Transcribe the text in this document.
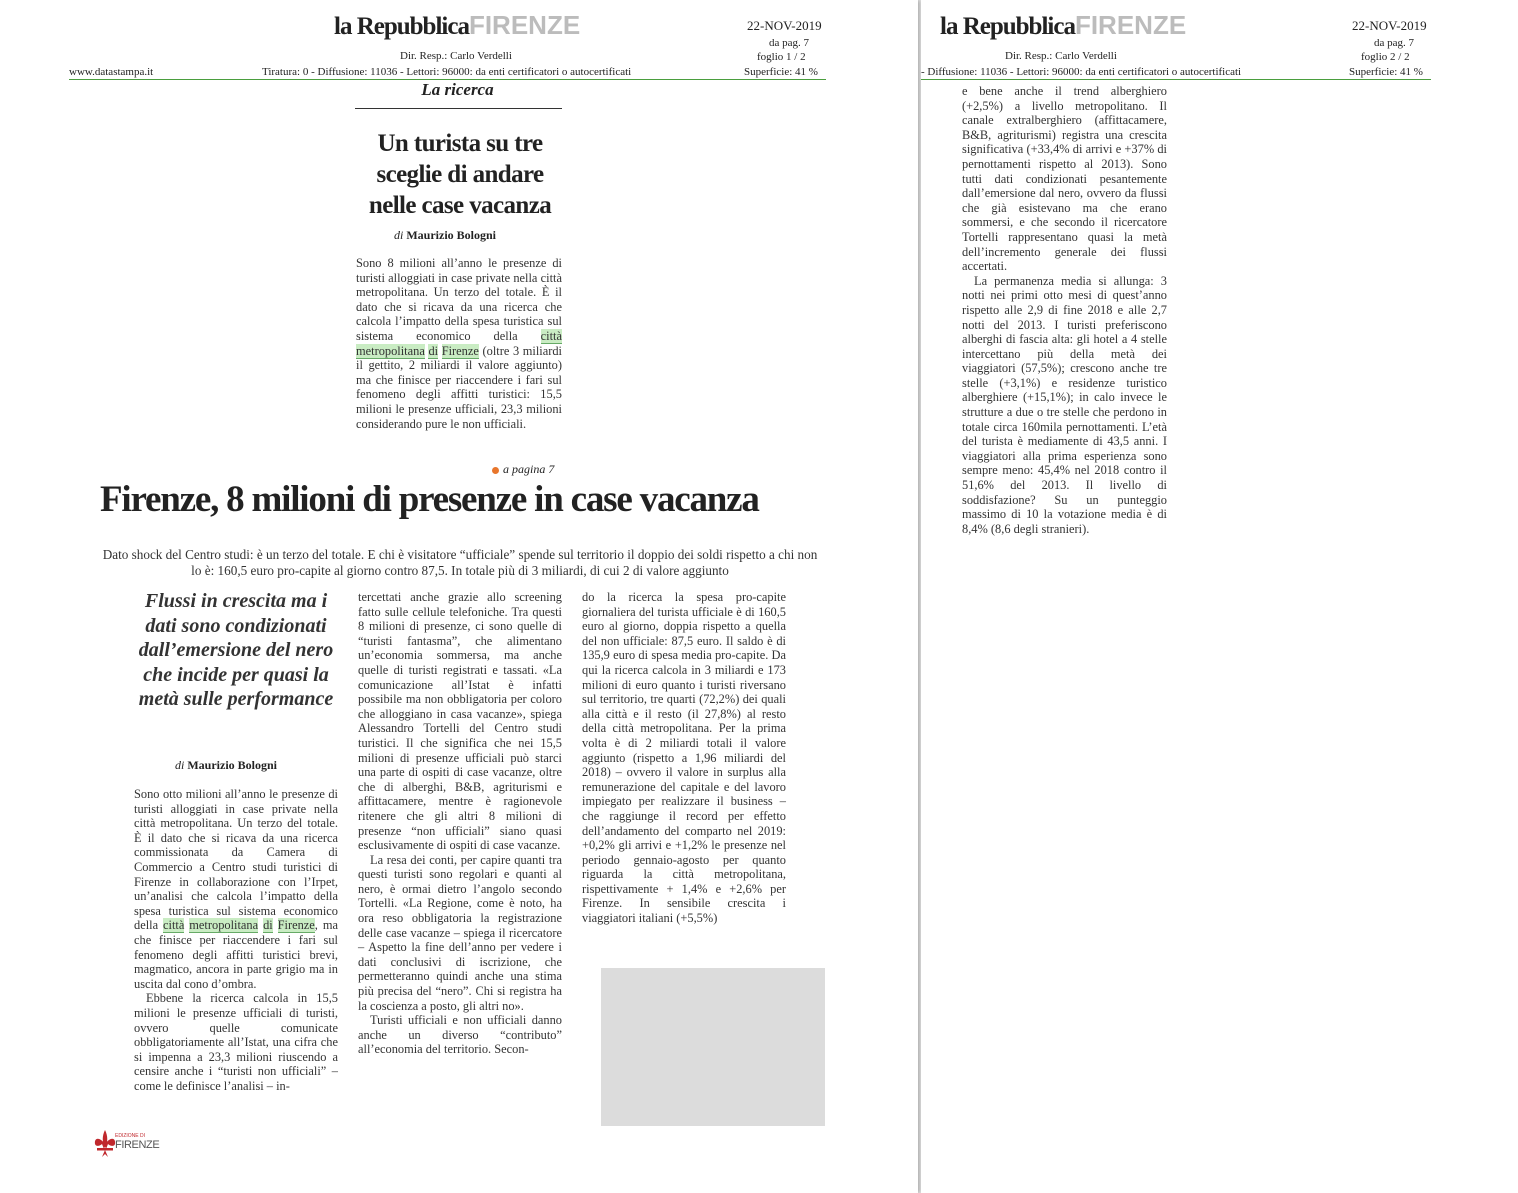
la RepubblicaFIRENZE	22-NOV-2019
da pag. 7
foglio 1 / 2
Dir. Resp.: Carlo Verdelli
www.datastampa.it	Tiratura: 0 - Diffusione: 11036 - Lettori: 96000: da enti certificatori o autocertificati	Superficie: 41 %
La ricerca
Un turista su tre
sceglie di andare
nelle case vacanza
di Maurizio Bologni

Sono 8 milioni all’anno le presenze di turisti alloggiati in case private nella città metropolitana. Un terzo del totale. È il dato che si ricava da una ricerca che calcola l’impatto della spesa turistica sul sistema economico della città metropolitana di Firenze (oltre 3 miliardi il gettito, 2 miliardi il valore aggiunto) ma che finisce per riaccendere i fari sul fenomeno degli affitti turistici: 15,5 milioni le presenze ufficiali, 23,3 milioni considerando pure le non ufficiali.

a pagina 7
Firenze, 8 milioni di presenze in case vacanza
Dato shock del Centro studi: è un terzo del totale. E chi è visitatore “ufficiale” spende sul territorio il doppio dei soldi rispetto a chi non lo è: 160,5 euro pro-capite al giorno contro 87,5. In totale più di 3 miliardi, di cui 2 di valore aggiunto
Flussi in crescita ma i dati sono condizionati dall’emersione del nero che incide per quasi la metà sulle performance
di Maurizio Bologni

Sono otto milioni all’anno le presenze di turisti alloggiati in case private nella città metropolitana. Un terzo del totale. È il dato che si ricava da una ricerca commissionata da Camera di Commercio a Centro studi turistici di Firenze in collaborazione con l’Irpet, un’analisi che calcola l’impatto della spesa turistica sul sistema economico della città metropolitana di Firenze, ma che finisce per riaccendere i fari sul fenomeno degli affitti turistici brevi, magmatico, ancora in parte grigio ma in uscita dal cono d’ombra.

Ebbene la ricerca calcola in 15,5 milioni le presenze ufficiali di turisti, ovvero quelle comunicate obbligatoriamente all’Istat, una cifra che si impenna a 23,3 milioni riuscendo a censire anche i “turisti non ufficiali” – come le definisce l’analisi – in-

tercettati anche grazie allo screening fatto sulle cellule telefoniche. Tra questi 8 milioni di presenze, ci sono quelle di “turisti fantasma”, che alimentano un’economia sommersa, ma anche quelle di turisti registrati e tassati. «La comunicazione all’Istat è infatti possibile ma non obbligatoria per coloro che alloggiano in casa vacanze», spiega Alessandro Tortelli del Centro studi turistici. Il che significa che nei 15,5 milioni di presenze ufficiali può starci una parte di ospiti di case vacanze, oltre che di alberghi, B&B, agriturismi e affittacamere, mentre è ragionevole ritenere che gli altri 8 milioni di presenze “non ufficiali” siano quasi esclusivamente di ospiti di case vacanze.

La resa dei conti, per capire quanti tra questi turisti sono regolari e quanti al nero, è ormai dietro l’angolo secondo Tortelli. «La Regione, come è noto, ha ora reso obbligatoria la registrazione delle case vacanze – spiega il ricercatore – Aspetto la fine dell’anno per vedere i dati conclusivi di iscrizione, che permetteranno quindi anche una stima più precisa del “nero”. Chi si registra ha la coscienza a posto, gli altri no».

Turisti ufficiali e non ufficiali danno anche un diverso “contributo” all’economia del territorio. Secon-

do la ricerca la spesa pro-capite giornaliera del turista ufficiale è di 160,5 euro al giorno, doppia rispetto a quella del non ufficiale: 87,5 euro. Il saldo è di 135,9 euro di spesa media pro-capite. Da qui la ricerca calcola in 3 miliardi e 173 milioni di euro quanto i turisti riversano sul territorio, tre quarti (72,2%) dei quali alla città e il resto (il 27,8%) al resto della città metropolitana. Per la prima volta è di 2 miliardi totali il valore aggiunto (rispetto a 1,96 miliardi del 2018) – ovvero il valore in surplus alla remunerazione del capitale e del lavoro impiegato per realizzare il business – che raggiunge il record per effetto dell’andamento del comparto nel 2019: +0,2% gli arrivi e +1,2% le presenze nel periodo gennaio-agosto per quanto riguarda la città metropolitana, rispettivamente + 1,4% e +2,6% per Firenze. In sensibile crescita i viaggiatori italiani (+5,5%)

EDIZIONE DI
FIRENZE
la RepubblicaFIRENZE	22-NOV-2019
da pag. 7
foglio 2 / 2
Dir. Resp.: Carlo Verdelli
- Diffusione: 11036 - Lettori: 96000: da enti certificatori o autocertificati	Superficie: 41 %

e bene anche il trend alberghiero (+2,5%) a livello metropolitano. Il canale extralberghiero (affittacamere, B&B, agriturismi) registra una crescita significativa (+33,4% di arrivi e +37% di pernottamenti rispetto al 2013). Sono tutti dati condizionati pesantemente dall’emersione dal nero, ovvero da flussi che già esistevano ma che erano sommersi, e che secondo il ricercatore Tortelli rappresentano quasi la metà dell’incremento generale dei flussi accertati.

La permanenza media si allunga: 3 notti nei primi otto mesi di quest’anno rispetto alle 2,9 di fine 2018 e alle 2,7 notti del 2013. I turisti preferiscono alberghi di fascia alta: gli hotel a 4 stelle intercettano più della metà dei viaggiatori (57,5%); crescono anche tre stelle (+3,1%) e residenze turistico alberghiere (+15,1%); in calo invece le strutture a due o tre stelle che perdono in totale circa 160mila pernottamenti. L’età del turista è mediamente di 43,5 anni. I viaggiatori alla prima esperienza sono sempre meno: 45,4% nel 2018 contro il 51,6% del 2013. Il livello di soddisfazione? Su un punteggio massimo di 10 la votazione media è di 8,4% (8,6 degli stranieri).
